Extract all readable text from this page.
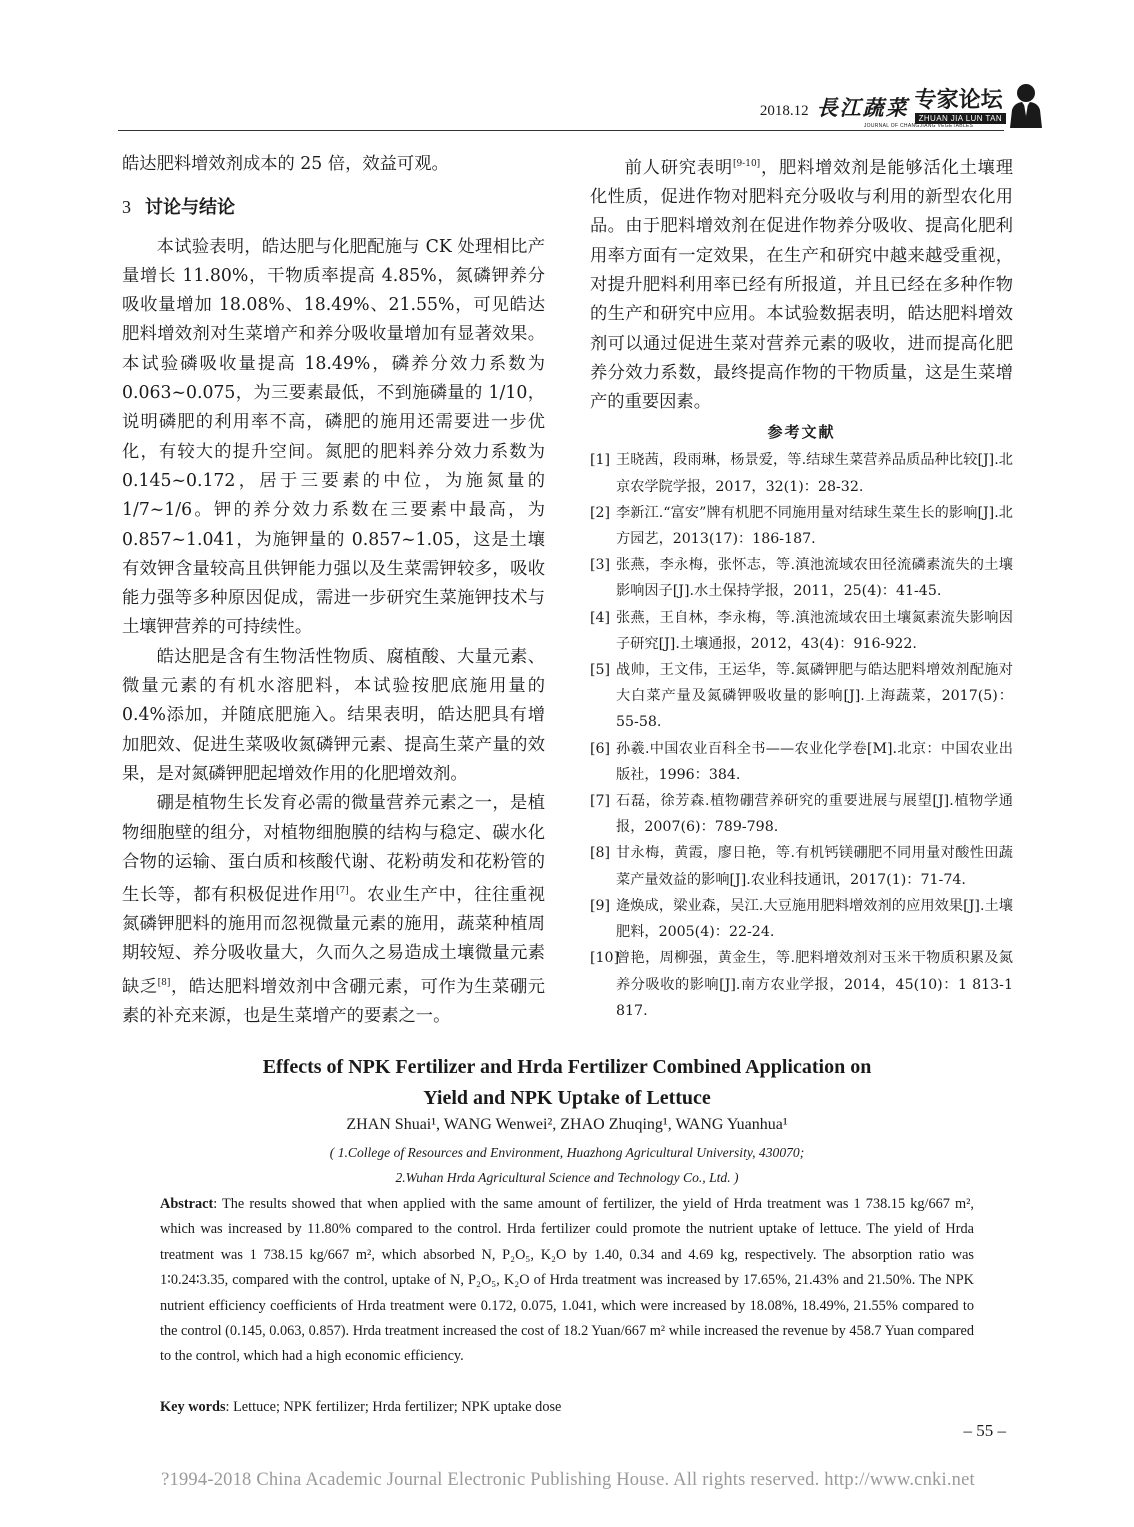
2018.12 長江蔬菜
JOURNAL OF CHANGJIANG VEGETABLES
专家论坛
ZHUAN JIA LUN TAN

皓达肥料增效剂成本的 25 倍，效益可观。

3 讨论与结论

本试验表明，皓达肥与化肥配施与 CK 处理相比产量增长 11.80%，干物质率提高 4.85%，氮磷钾养分吸收量增加 18.08%、18.49%、21.55%，可见皓达肥料增效剂对生菜增产和养分吸收量增加有显著效果。本试验磷吸收量提高 18.49%，磷养分效力系数为 0.063~0.075，为三要素最低，不到施磷量的 1/10，说明磷肥的利用率不高，磷肥的施用还需要进一步优化，有较大的提升空间。氮肥的肥料养分效力系数为 0.145~0.172，居于三要素的中位，为施氮量的 1/7~1/6。钾的养分效力系数在三要素中最高，为 0.857~1.041，为施钾量的 0.857~1.05，这是土壤有效钾含量较高且供钾能力强以及生菜需钾较多，吸收能力强等多种原因促成，需进一步研究生菜施钾技术与土壤钾营养的可持续性。

皓达肥是含有生物活性物质、腐植酸、大量元素、微量元素的有机水溶肥料，本试验按肥底施用量的 0.4%添加，并随底肥施入。结果表明，皓达肥具有增加肥效、促进生菜吸收氮磷钾元素、提高生菜产量的效果，是对氮磷钾肥起增效作用的化肥增效剂。

硼是植物生长发育必需的微量营养元素之一，是植物细胞壁的组分，对植物细胞膜的结构与稳定、碳水化合物的运输、蛋白质和核酸代谢、花粉萌发和花粉管的生长等，都有积极促进作用[7]。农业生产中，往往重视氮磷钾肥料的施用而忽视微量元素的施用，蔬菜种植周期较短、养分吸收量大，久而久之易造成土壤微量元素缺乏[8]，皓达肥料增效剂中含硼元素，可作为生菜硼元素的补充来源，也是生菜增产的要素之一。

前人研究表明[9-10]，肥料增效剂是能够活化土壤理化性质，促进作物对肥料充分吸收与利用的新型农化用品。由于肥料增效剂在促进作物养分吸收、提高化肥利用率方面有一定效果，在生产和研究中越来越受重视，对提升肥料利用率已经有所报道，并且已经在多种作物的生产和研究中应用。本试验数据表明，皓达肥料增效剂可以通过促进生菜对营养元素的吸收，进而提高化肥养分效力系数，最终提高作物的干物质量，这是生菜增产的重要因素。

参考文献

[1] 王晓茜，段雨琳，杨景爱，等.结球生菜营养品质品种比较[J].北京农学院学报，2017，32(1)：28-32.
[2] 李新江.“富安”牌有机肥不同施用量对结球生菜生长的影响[J].北方园艺，2013(17)：186-187.
[3] 张燕，李永梅，张怀志，等.滇池流域农田径流磷素流失的土壤影响因子[J].水土保持学报，2011，25(4)：41-45.
[4] 张燕，王自林，李永梅，等.滇池流域农田土壤氮素流失影响因子研究[J].土壤通报，2012，43(4)：916-922.
[5] 战帅，王文伟，王运华，等.氮磷钾肥与皓达肥料增效剂配施对大白菜产量及氮磷钾吸收量的影响[J].上海蔬菜，2017(5)：55-58.
[6] 孙羲.中国农业百科全书——农业化学卷[M].北京：中国农业出版社，1996：384.
[7] 石磊，徐芳森.植物硼营养研究的重要进展与展望[J].植物学通报，2007(6)：789-798.
[8] 甘永梅，黄霞，廖日艳，等.有机钙镁硼肥不同用量对酸性田蔬菜产量效益的影响[J].农业科技通讯，2017(1)：71-74.
[9] 逄焕成，梁业森，吴江.大豆施用肥料增效剂的应用效果[J].土壤肥料，2005(4)：22-24.
[10]
曾艳，周柳强，黄金生，等.肥料增效剂对玉米干物质积累及氮养分吸收的影响[J].南方农业学报，2014，45(10)：1 813-1 817.
Effects of NPK Fertilizer and Hrda Fertilizer Combined Application on
Yield and NPK Uptake of Lettuce
ZHAN Shuai¹, WANG Wenwei², ZHAO Zhuqing¹, WANG Yuanhua¹
( 1.College of Resources and Environment, Huazhong Agricultural University, 430070;
2.Wuhan Hrda Agricultural Science and Technology Co., Ltd. )
Abstract: The results showed that when applied with the same amount of fertilizer, the yield of Hrda treatment was 1 738.15 kg/667 m², which was increased by 11.80% compared to the control. Hrda fertilizer could promote the nutrient uptake of lettuce. The yield of Hrda treatment was 1 738.15 kg/667 m², which absorbed N, P₂O₅, K₂O by 1.40, 0.34 and 4.69 kg, respectively. The absorption ratio was 1∶0.24∶3.35, compared with the control, uptake of N, P₂O₅, K₂O of Hrda treatment was increased by 17.65%, 21.43% and 21.50%. The NPK nutrient efficiency coefficients of Hrda treatment were 0.172, 0.075, 1.041, which were increased by 18.08%, 18.49%, 21.55% compared to the control (0.145, 0.063, 0.857). Hrda treatment increased the cost of 18.2 Yuan/667 m² while increased the revenue by 458.7 Yuan compared to the control, which had a high economic efficiency.
Key words: Lettuce; NPK fertilizer; Hrda fertilizer; NPK uptake dose
– 55 –
?1994-2018 China Academic Journal Electronic Publishing House. All rights reserved. http://www.cnki.net
